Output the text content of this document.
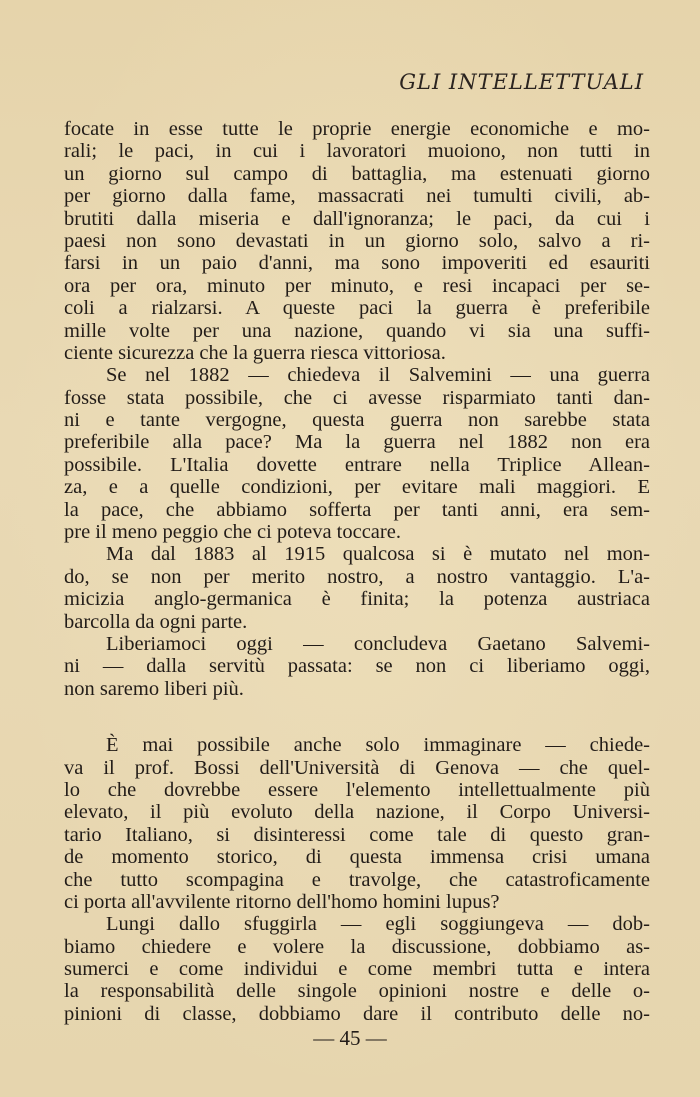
GLI INTELLETTUALI
focate in esse tutte le proprie energie economiche e mo-
rali; le paci, in cui i lavoratori muoiono, non tutti in
un giorno sul campo di battaglia, ma estenuati giorno
per giorno dalla fame, massacrati nei tumulti civili, ab-
brutiti dalla miseria e dall'ignoranza; le paci, da cui i
paesi non sono devastati in un giorno solo, salvo a ri-
farsi in un paio d'anni, ma sono impoveriti ed esauriti
ora per ora, minuto per minuto, e resi incapaci per se-
coli a rialzarsi. A queste paci la guerra è preferibile
mille volte per una nazione, quando vi sia una suffi-
ciente sicurezza che la guerra riesca vittoriosa.
Se nel 1882 — chiedeva il Salvemini — una guerra
fosse stata possibile, che ci avesse risparmiato tanti dan-
ni e tante vergogne, questa guerra non sarebbe stata
preferibile alla pace? Ma la guerra nel 1882 non era
possibile. L'Italia dovette entrare nella Triplice Allean-
za, e a quelle condizioni, per evitare mali maggiori. E
la pace, che abbiamo sofferta per tanti anni, era sem-
pre il meno peggio che ci poteva toccare.
Ma dal 1883 al 1915 qualcosa si è mutato nel mon-
do, se non per merito nostro, a nostro vantaggio. L'a-
micizia anglo-germanica è finita; la potenza austriaca
barcolla da ogni parte.
Liberiamoci oggi — concludeva Gaetano Salvemi-
ni — dalla servitù passata: se non ci liberiamo oggi,
non saremo liberi più.
È mai possibile anche solo immaginare — chiede-
va il prof. Bossi dell'Università di Genova — che quel-
lo che dovrebbe essere l'elemento intellettualmente più
elevato, il più evoluto della nazione, il Corpo Universi-
tario Italiano, si disinteressi come tale di questo gran-
de momento storico, di questa immensa crisi umana
che tutto scompagina e travolge, che catastroficamente
ci porta all'avvilente ritorno dell'homo homini lupus?
Lungi dallo sfuggirla — egli soggiungeva — dob-
biamo chiedere e volere la discussione, dobbiamo as-
sumerci e come individui e come membri tutta e intera
la responsabilità delle singole opinioni nostre e delle o-
pinioni di classe, dobbiamo dare il contributo delle no-
— 45 —
